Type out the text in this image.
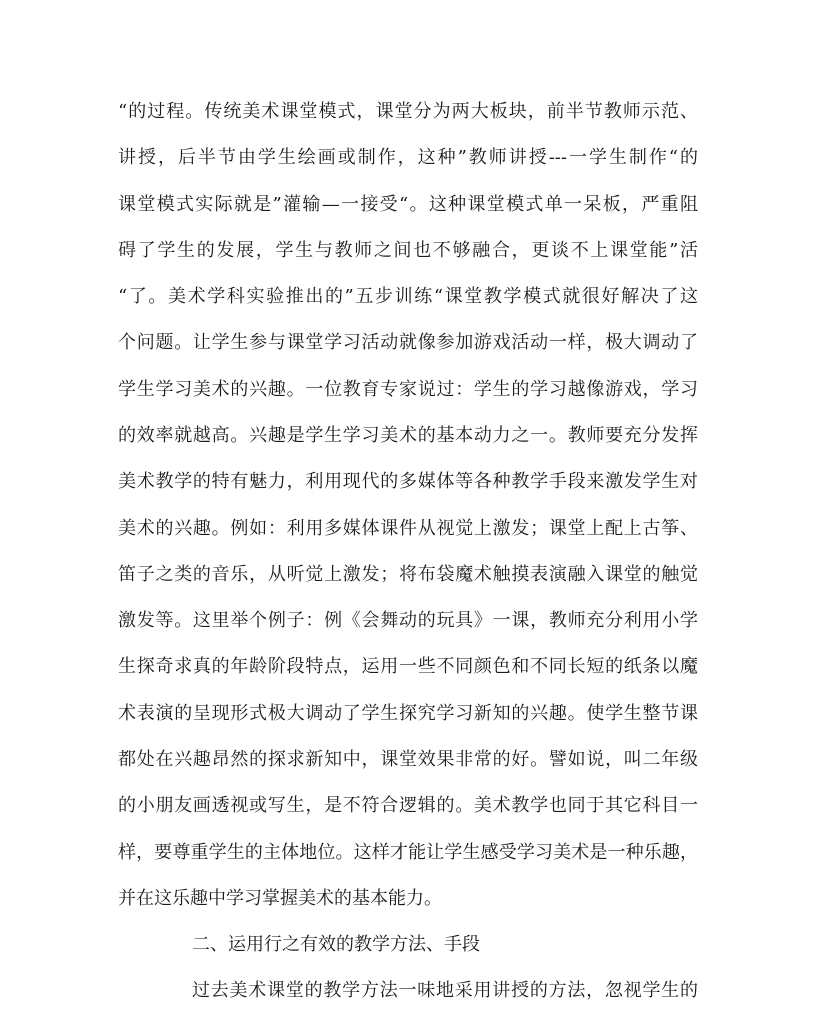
“的过程。传统美术课堂模式，课堂分为两大板块，前半节教师示范、
讲授，后半节由学生绘画或制作，这种”教师讲授---一学生制作“的
课堂模式实际就是”灌输—一接受“。这种课堂模式单一呆板，严重阻
碍了学生的发展，学生与教师之间也不够融合，更谈不上课堂能”活
“了。美术学科实验推出的”五步训练“课堂教学模式就很好解决了这
个问题。让学生参与课堂学习活动就像参加游戏活动一样，极大调动了
学生学习美术的兴趣。一位教育专家说过：学生的学习越像游戏，学习
的效率就越高。兴趣是学生学习美术的基本动力之一。教师要充分发挥
美术教学的特有魅力，利用现代的多媒体等各种教学手段来激发学生对
美术的兴趣。例如：利用多媒体课件从视觉上激发；课堂上配上古筝、
笛子之类的音乐，从听觉上激发；将布袋魔术触摸表演融入课堂的触觉
激发等。这里举个例子：例《会舞动的玩具》一课，教师充分利用小学
生探奇求真的年龄阶段特点，运用一些不同颜色和不同长短的纸条以魔
术表演的呈现形式极大调动了学生探究学习新知的兴趣。使学生整节课
都处在兴趣昂然的探求新知中，课堂效果非常的好。譬如说，叫二年级
的小朋友画透视或写生，是不符合逻辑的。美术教学也同于其它科目一
样，要尊重学生的主体地位。这样才能让学生感受学习美术是一种乐趣，
并在这乐趣中学习掌握美术的基本能力。
二、运用行之有效的教学方法、手段
过去美术课堂的教学方法一味地采用讲授的方法，忽视学生的
